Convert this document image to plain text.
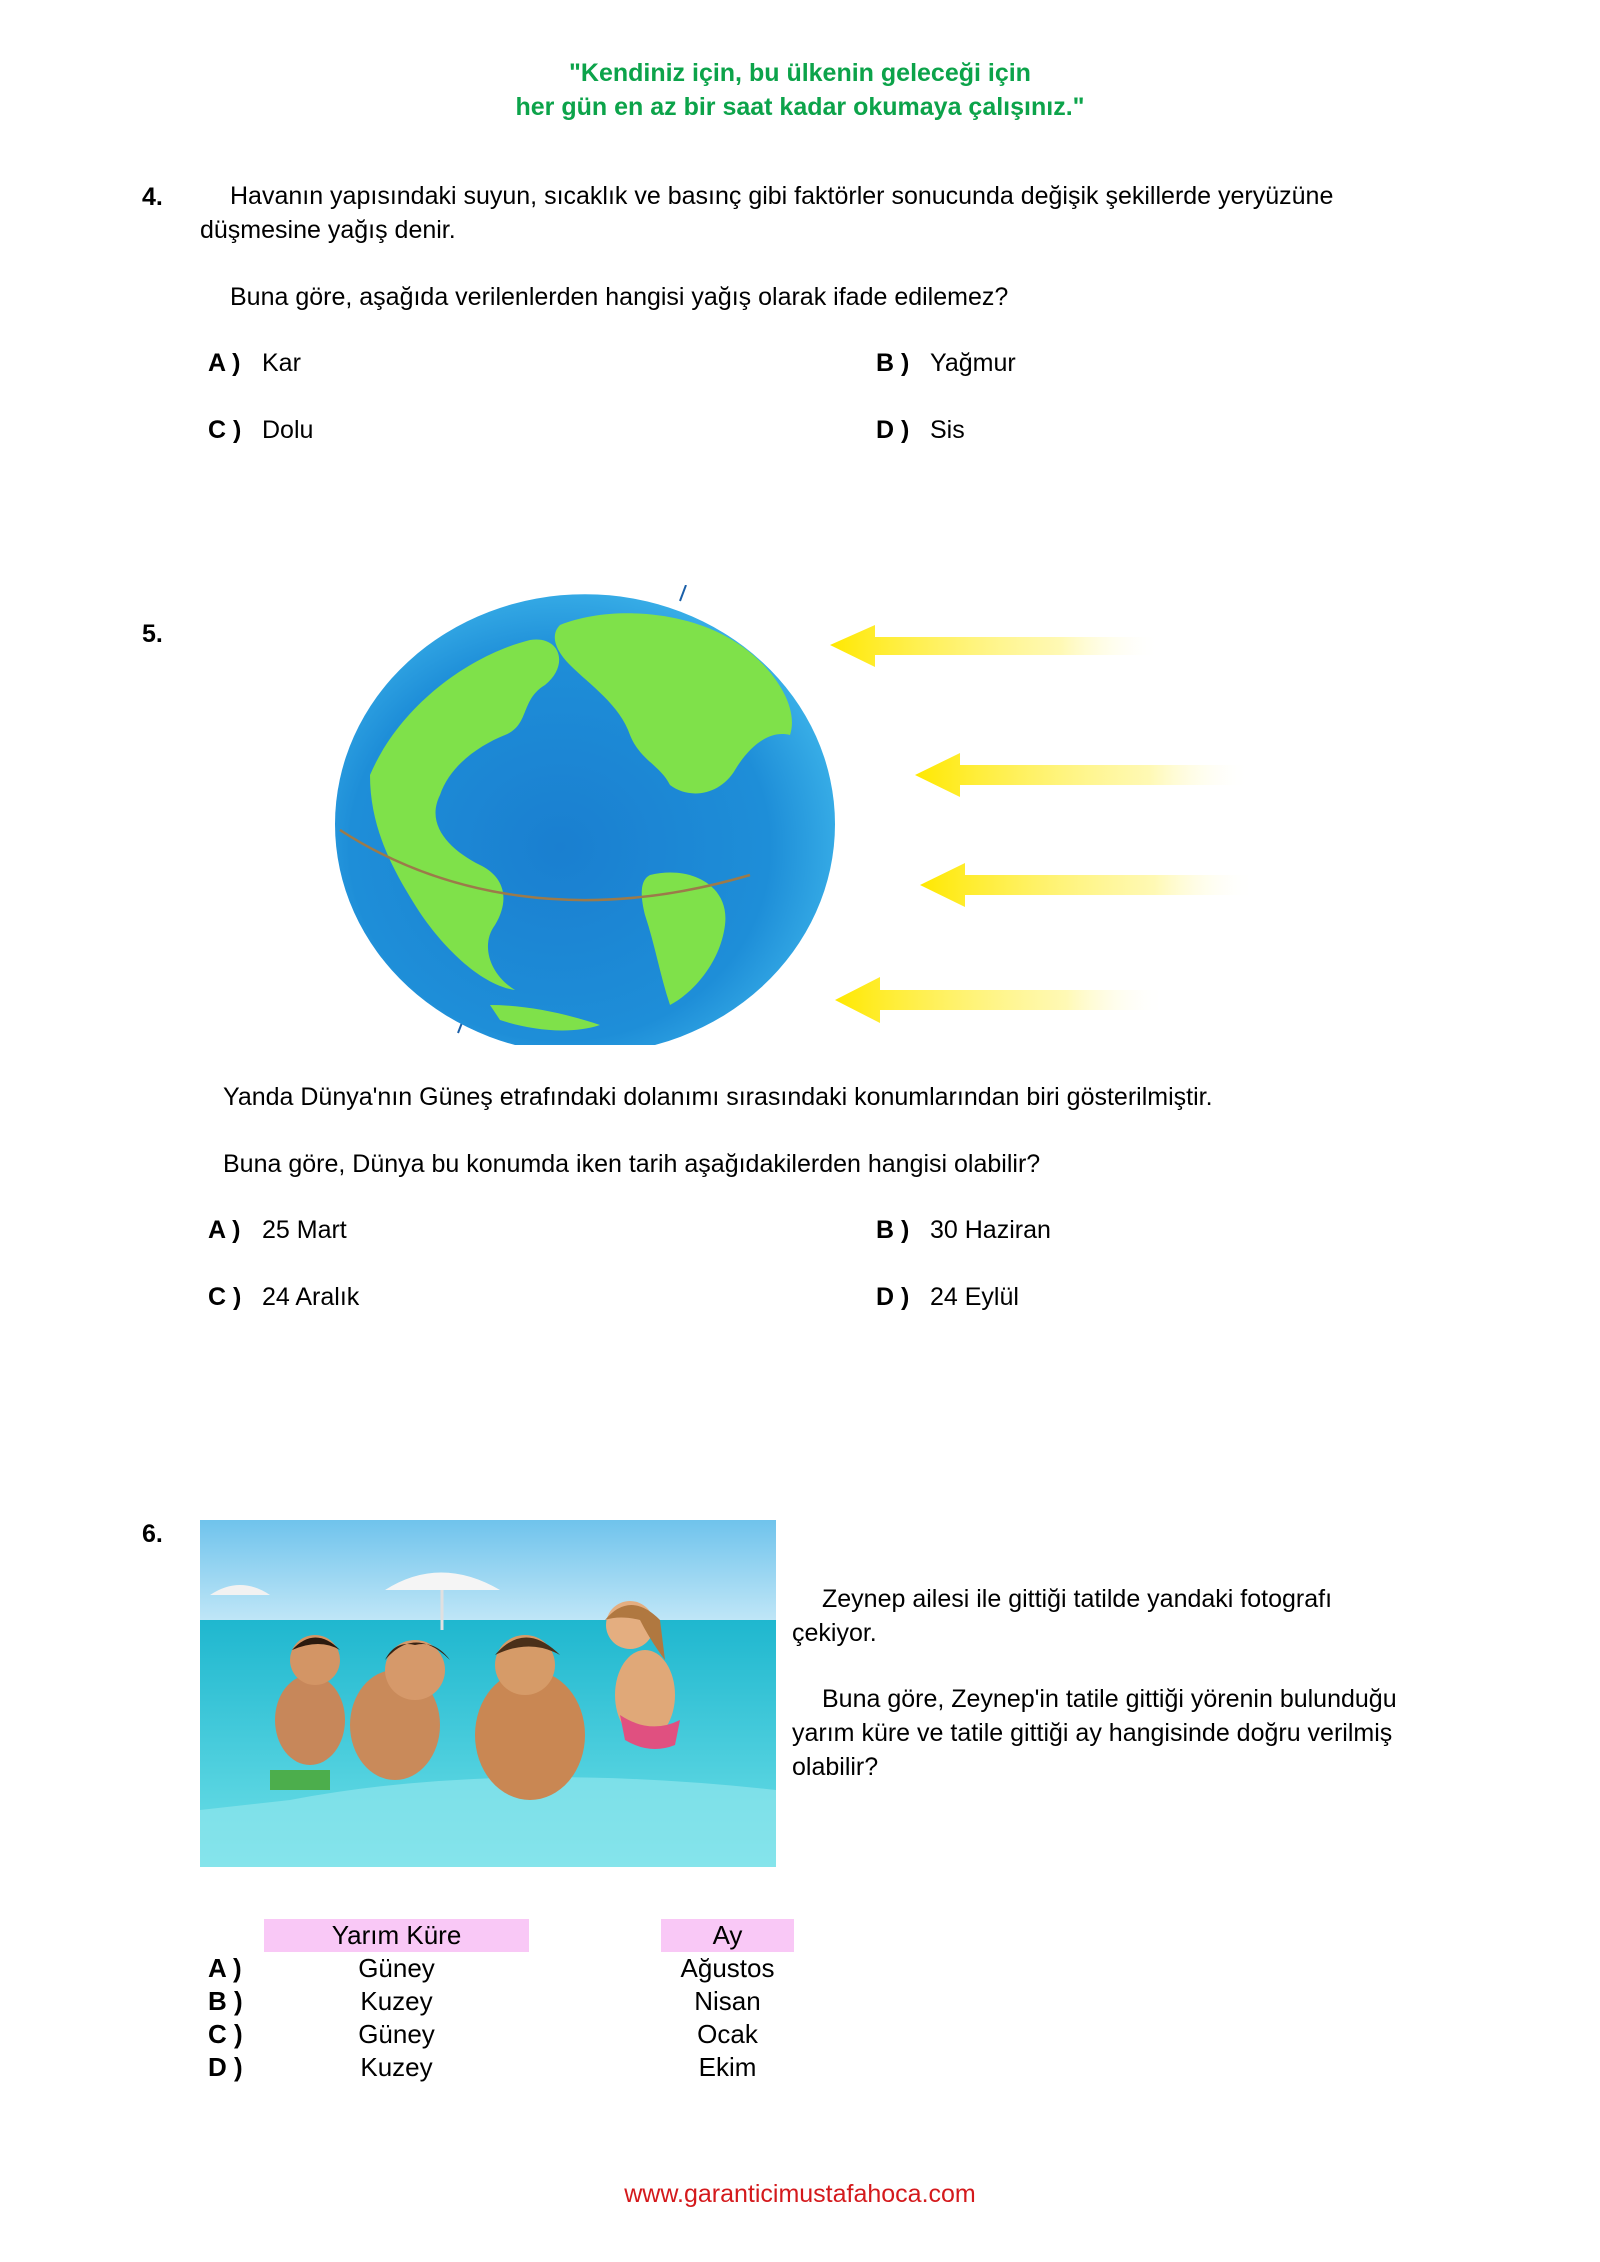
"Kendiniz için, bu ülkenin geleceği için
her gün en az bir saat kadar okumaya çalışınız."
4.	Havanın yapısındaki suyun, sıcaklık ve basınç gibi faktörler sonucunda değişik şekillerde yeryüzüne
düşmesine yağış denir.
Buna göre, aşağıda verilenlerden hangisi yağış olarak ifade edilemez?
A ) Kar	B ) Yağmur
C ) Dolu	D ) Sis
5.
Yanda Dünya'nın Güneş etrafındaki dolanımı sırasındaki konumlarından biri gösterilmiştir.
Buna göre, Dünya bu konumda iken tarih aşağıdakilerden hangisi olabilir?
A ) 25 Mart	B ) 30 Haziran
C ) 24 Aralık	D ) 24 Eylül
6.
Zeynep ailesi ile gittiği tatilde yandaki fotografı
çekiyor.
Buna göre, Zeynep'in tatile gittiği yörenin bulunduğu
yarım küre ve tatile gittiği ay hangisinde doğru verilmiş
olabilir?
		Yarım Küre		Ay
A )		Güney		Ağustos
B )		Kuzey		Nisan
C )		Güney		Ocak
D )		Kuzey		Ekim
www.garanticimustafahoca.com
